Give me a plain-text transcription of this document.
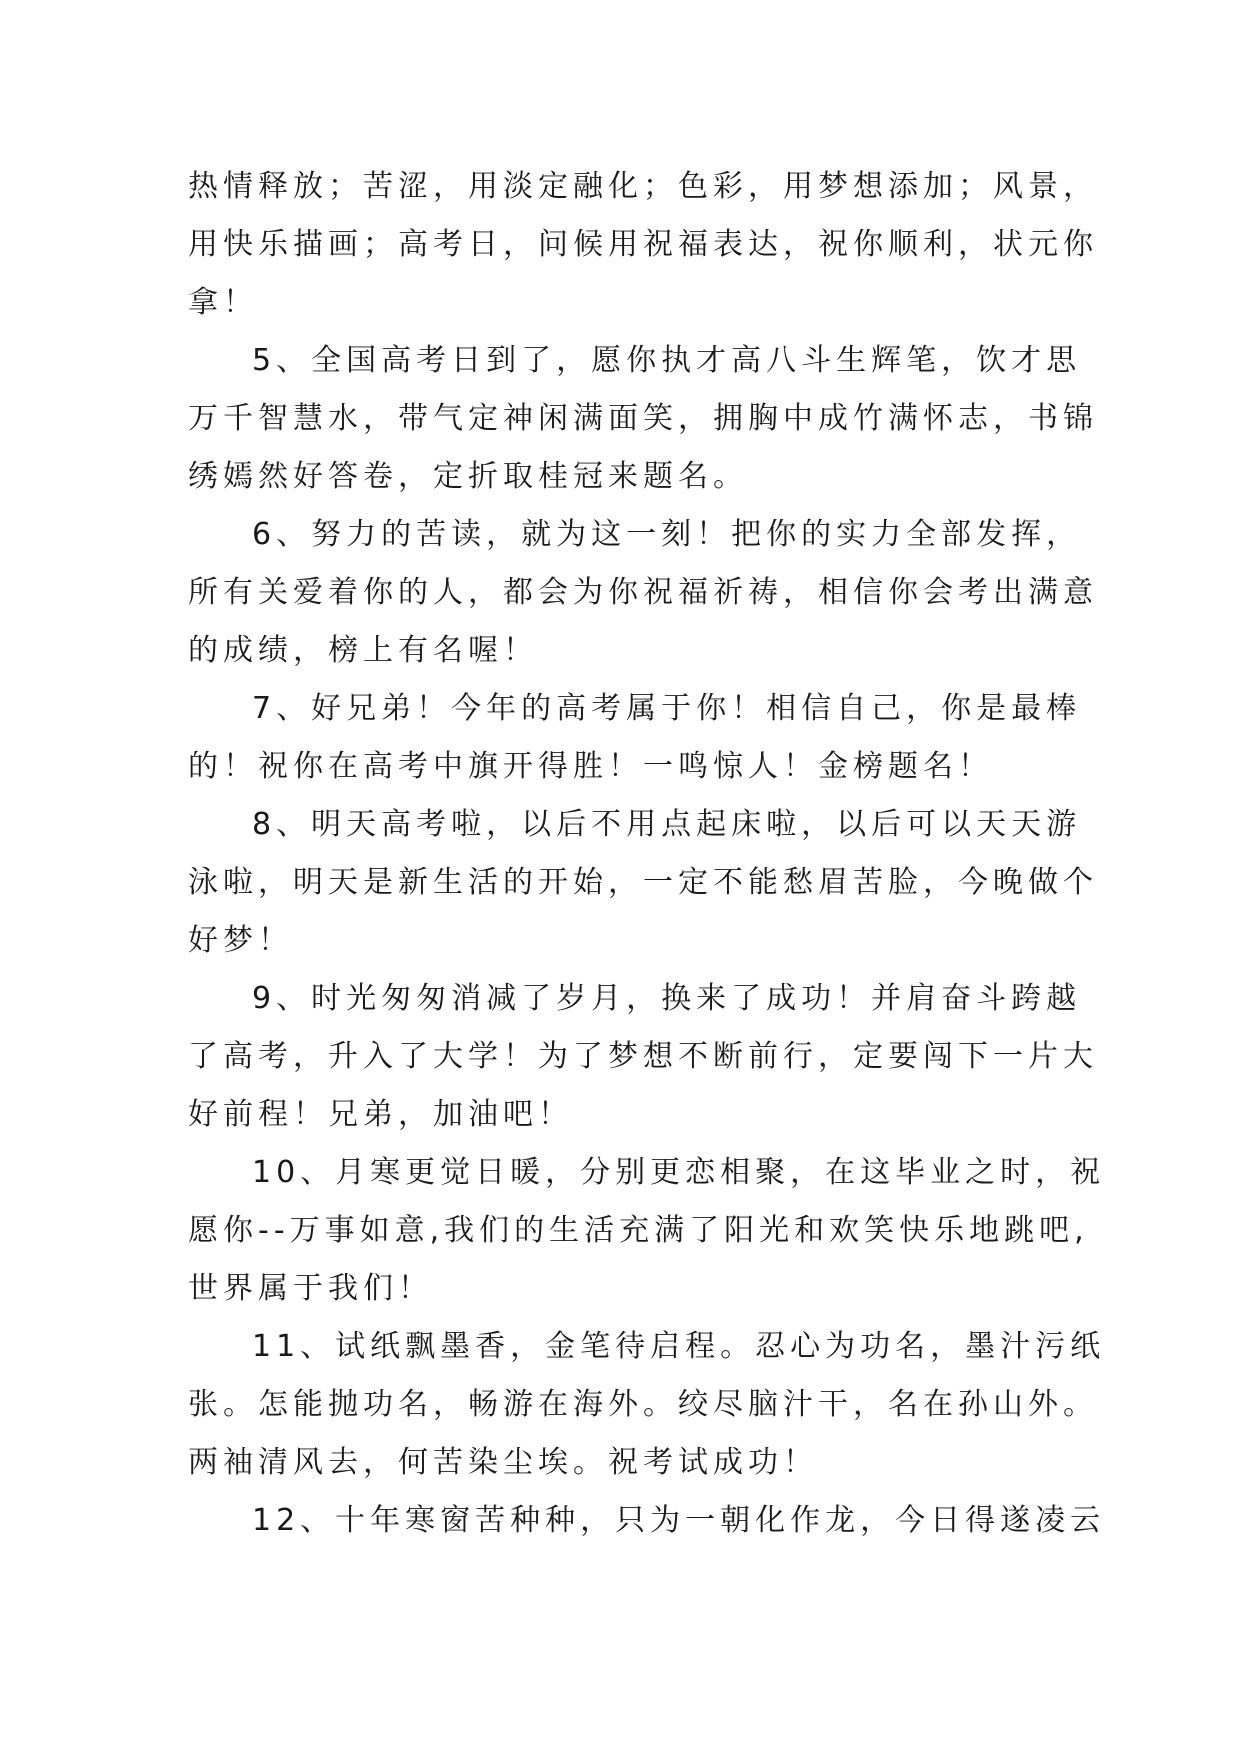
热情释放；苦涩，用淡定融化；色彩，用梦想添加；风景，
用快乐描画；高考日，问候用祝福表达，祝你顺利，状元你
拿！
5、全国高考日到了，愿你执才高八斗生辉笔，饮才思
万千智慧水，带气定神闲满面笑，拥胸中成竹满怀志，书锦
绣嫣然好答卷，定折取桂冠来题名。
6、努力的苦读，就为这一刻！把你的实力全部发挥，
所有关爱着你的人，都会为你祝福祈祷，相信你会考出满意
的成绩，榜上有名喔！
7、好兄弟！今年的高考属于你！相信自己，你是最棒
的！祝你在高考中旗开得胜！一鸣惊人！金榜题名！
8、明天高考啦，以后不用点起床啦，以后可以天天游
泳啦，明天是新生活的开始，一定不能愁眉苦脸，今晚做个
好梦！
9、时光匆匆消减了岁月，换来了成功！并肩奋斗跨越
了高考，升入了大学！为了梦想不断前行，定要闯下一片大
好前程！兄弟，加油吧！
10、月寒更觉日暖，分别更恋相聚，在这毕业之时，祝
愿你--万事如意,我们的生活充满了阳光和欢笑快乐地跳吧,
世界属于我们！
11、试纸飘墨香，金笔待启程。忍心为功名，墨汁污纸
张。怎能抛功名，畅游在海外。绞尽脑汁干，名在孙山外。
两袖清风去，何苦染尘埃。祝考试成功！
12、十年寒窗苦种种，只为一朝化作龙，今日得遂凌云
